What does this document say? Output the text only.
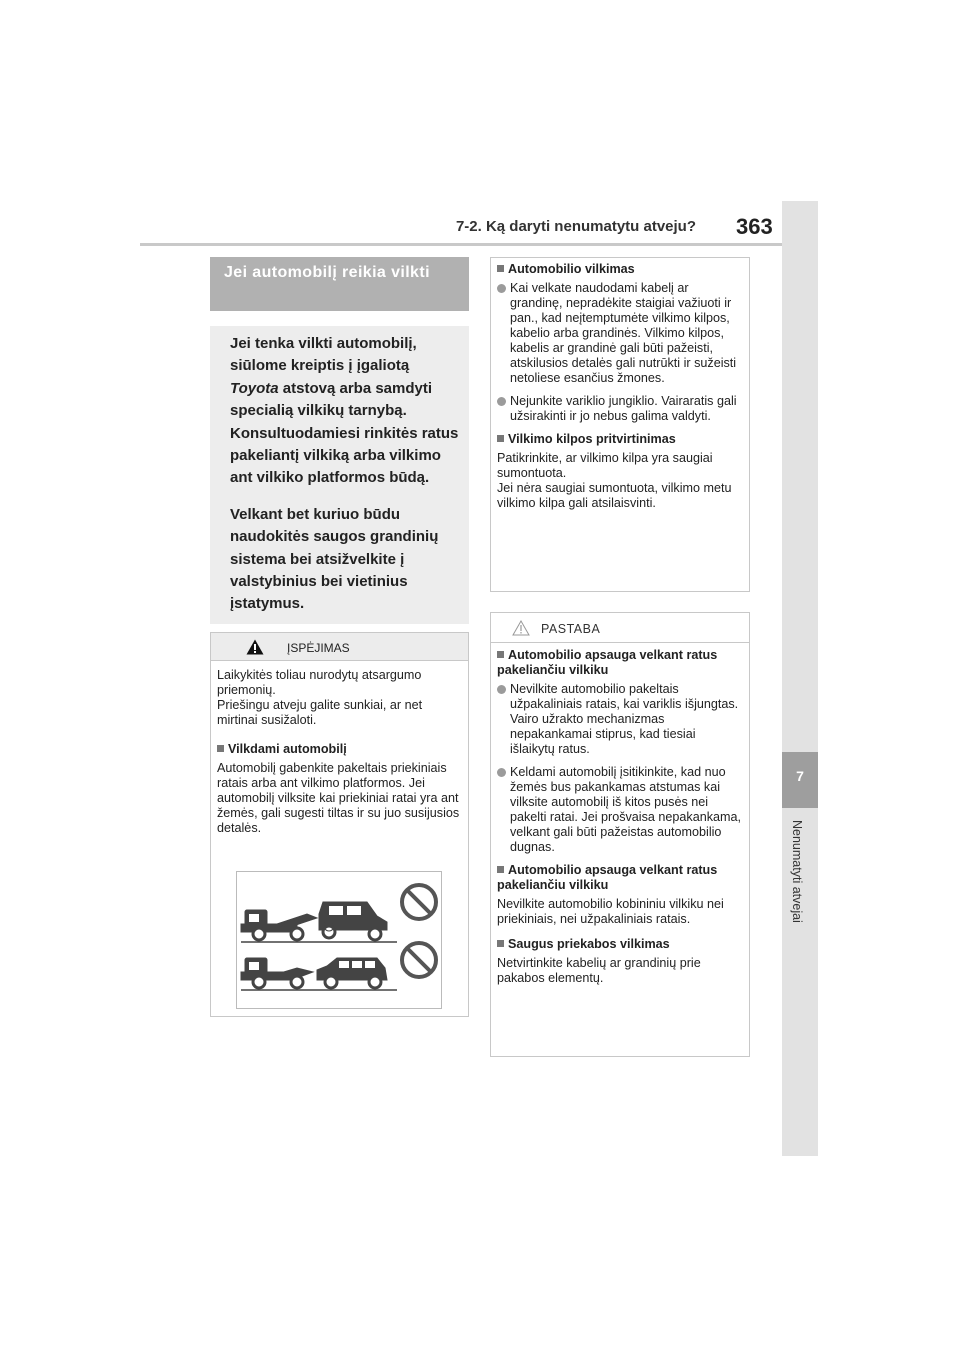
7-2. Ką daryti nenumatytu atveju? 363
7
Nenumatyti atvejai
Jei automobilį reikia vilkti

Jei tenka vilkti automobilį, siūlome kreiptis į įgaliotą Toyota atstovą arba samdyti specialią vilkikų tarnybą. Konsultuodamiesi rinkitės ratus pakeliantį vilkiką arba vilkimo ant vilkiko platformos būdą.

Velkant bet kuriuo būdu naudokitės saugos grandinių sistema bei atsižvelkite į valstybinius bei vietinius įstatymus.

ĮSPĖJIMAS

Laikykitės toliau nurodytų atsargumo priemonių.

Priešingu atveju galite sunkiai, ar net mirtinai susižaloti.

Vilkdami automobilį

Automobilį gabenkite pakeltais priekiniais ratais arba ant vilkimo platformos. Jei automobilį vilksite kai priekiniai ratai yra ant žemės, gali sugesti tiltas ir su juo susijusios detalės.

Automobilio vilkimas

Kai velkate naudodami kabelį ar grandinę, nepradėkite staigiai važiuoti ir pan., kad neįtemptumėte vilkimo kilpos, kabelio arba grandinės. Vilkimo kilpos, kabelis ar grandinė gali būti pažeisti, atskilusios detalės gali nutrūkti ir sužeisti netoliese esančius žmones.

Nejunkite variklio jungiklio. Vairaratis gali užsirakinti ir jo nebus galima valdyti.

Vilkimo kilpos pritvirtinimas

Patikrinkite, ar vilkimo kilpa yra saugiai sumontuota.

Jei nėra saugiai sumontuota, vilkimo metu vilkimo kilpa gali atsilaisvinti.

PASTABA

Automobilio apsauga velkant ratus pakeliančiu vilkiku

Nevilkite automobilio pakeltais užpakaliniais ratais, kai variklis išjungtas. Vairo užrakto mechanizmas nepakankamai stiprus, kad tiesiai išlaikytų ratus.

Keldami automobilį įsitikinkite, kad nuo žemės bus pakankamas atstumas kai vilksite automobilį iš kitos pusės nei pakelti ratai. Jei prošvaisa nepakankama, velkant gali būti pažeistas automobilio dugnas.

Automobilio apsauga velkant ratus pakeliančiu vilkiku

Nevilkite automobilio kobininiu vilkiku nei priekiniais, nei užpakaliniais ratais.

Saugus priekabos vilkimas

Netvirtinkite kabelių ar grandinių prie pakabos elementų.
